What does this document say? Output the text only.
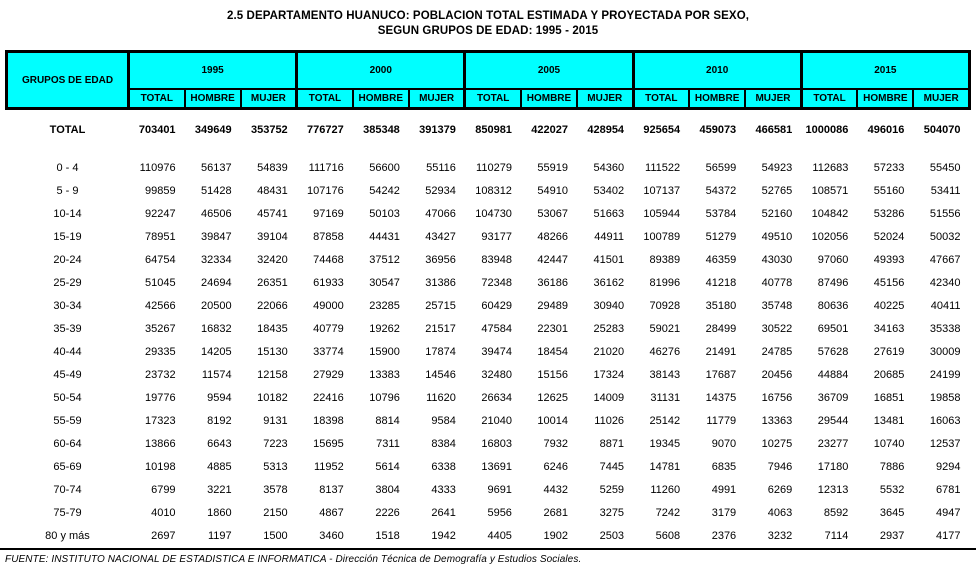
2.5 DEPARTAMENTO HUANUCO: POBLACION TOTAL ESTIMADA Y PROYECTADA POR SEXO,
SEGUN GRUPOS DE EDAD: 1995 - 2015
GRUPOS DE EDAD	1995			2000			2005			2010			2015		
	TOTAL	HOMBRE	MUJER	TOTAL	HOMBRE	MUJER	TOTAL	HOMBRE	MUJER	TOTAL	HOMBRE	MUJER	TOTAL	HOMBRE	MUJER
TOTAL	703401	349649	353752	776727	385348	391379	850981	422027	428954	925654	459073	466581	1000086	496016	504070
0 - 4	110976	56137	54839	111716	56600	55116	110279	55919	54360	111522	56599	54923	112683	57233	55450
5 - 9	99859	51428	48431	107176	54242	52934	108312	54910	53402	107137	54372	52765	108571	55160	53411
10-14	92247	46506	45741	97169	50103	47066	104730	53067	51663	105944	53784	52160	104842	53286	51556
15-19	78951	39847	39104	87858	44431	43427	93177	48266	44911	100789	51279	49510	102056	52024	50032
20-24	64754	32334	32420	74468	37512	36956	83948	42447	41501	89389	46359	43030	97060	49393	47667
25-29	51045	24694	26351	61933	30547	31386	72348	36186	36162	81996	41218	40778	87496	45156	42340
30-34	42566	20500	22066	49000	23285	25715	60429	29489	30940	70928	35180	35748	80636	40225	40411
35-39	35267	16832	18435	40779	19262	21517	47584	22301	25283	59021	28499	30522	69501	34163	35338
40-44	29335	14205	15130	33774	15900	17874	39474	18454	21020	46276	21491	24785	57628	27619	30009
45-49	23732	11574	12158	27929	13383	14546	32480	15156	17324	38143	17687	20456	44884	20685	24199
50-54	19776	9594	10182	22416	10796	11620	26634	12625	14009	31131	14375	16756	36709	16851	19858
55-59	17323	8192	9131	18398	8814	9584	21040	10014	11026	25142	11779	13363	29544	13481	16063
60-64	13866	6643	7223	15695	7311	8384	16803	7932	8871	19345	9070	10275	23277	10740	12537
65-69	10198	4885	5313	11952	5614	6338	13691	6246	7445	14781	6835	7946	17180	7886	9294
70-74	6799	3221	3578	8137	3804	4333	9691	4432	5259	11260	4991	6269	12313	5532	6781
75-79	4010	1860	2150	4867	2226	2641	5956	2681	3275	7242	3179	4063	8592	3645	4947
80 y más	2697	1197	1500	3460	1518	1942	4405	1902	2503	5608	2376	3232	7114	2937	4177
FUENTE: INSTITUTO NACIONAL DE ESTADISTICA E INFORMATICA - Dirección Técnica de Demografía y Estudios Sociales.
